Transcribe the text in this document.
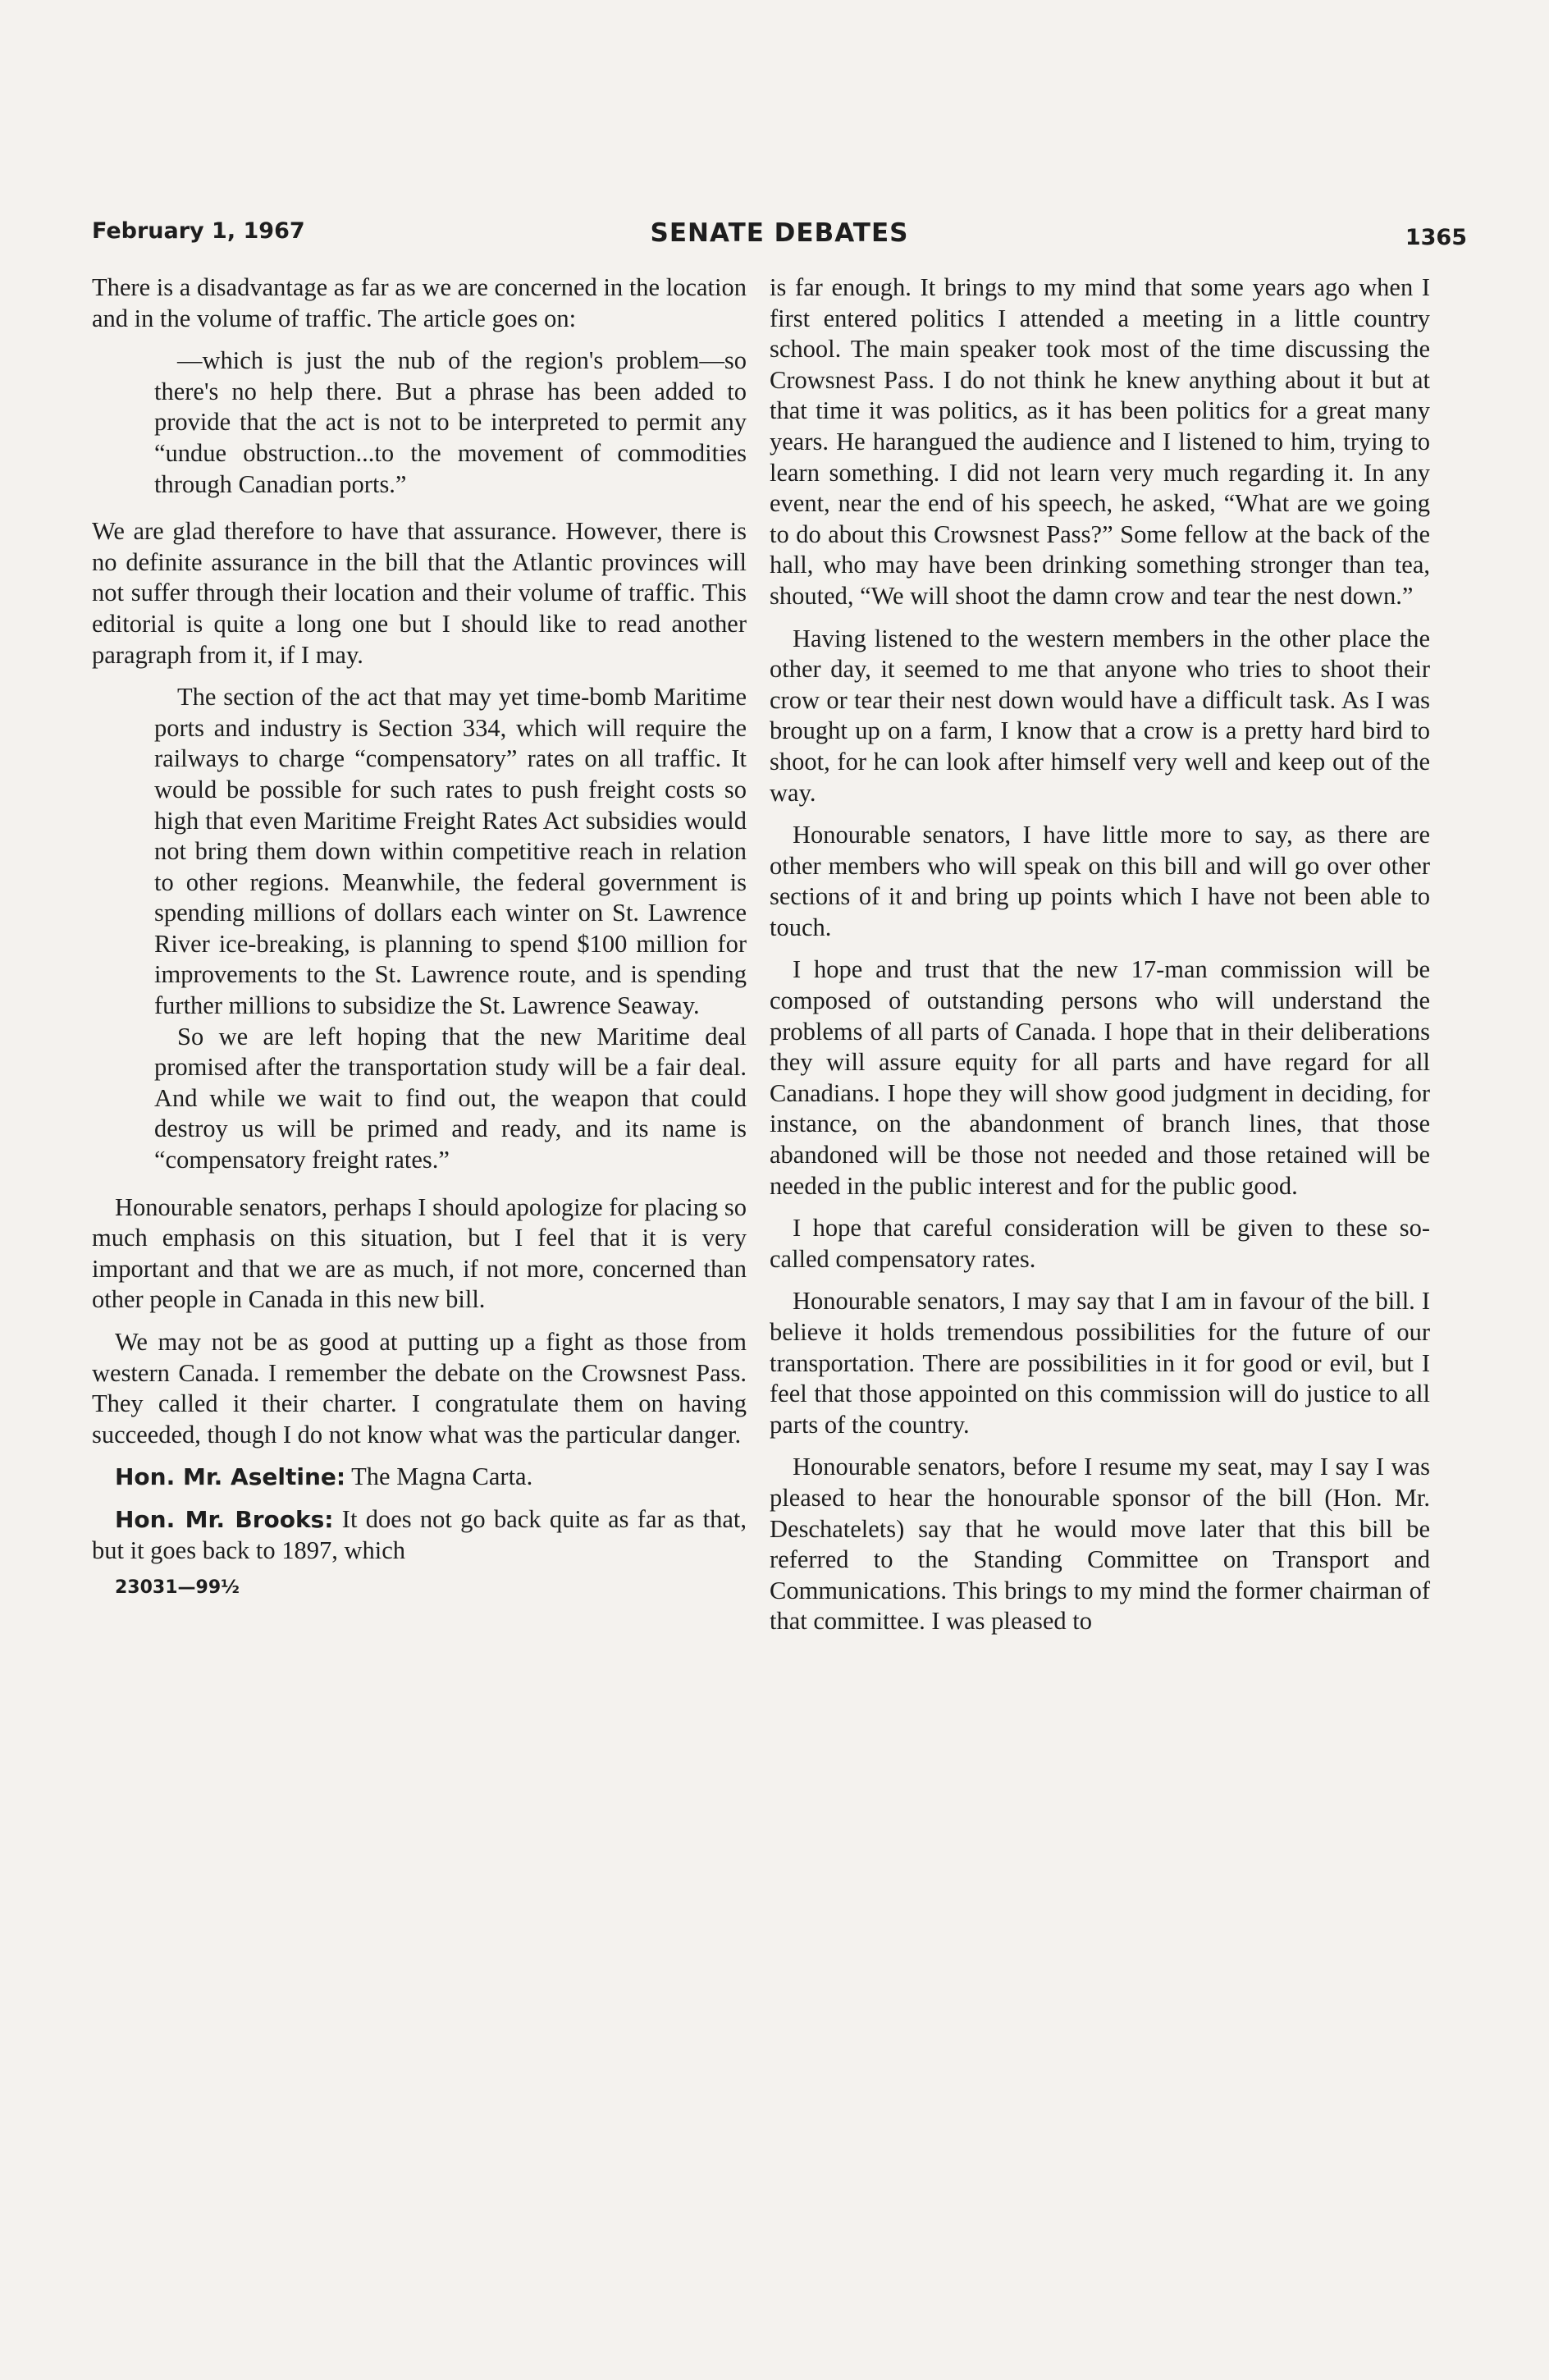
February 1, 1967	SENATE DEBATES	1365

There is a disadvantage as far as we are concerned in the location and in the volume of traffic. The article goes on:

—which is just the nub of the region's problem—so there's no help there. But a phrase has been added to provide that the act is not to be interpreted to permit any “undue obstruction...to the movement of commodities through Canadian ports.”

We are glad therefore to have that assurance. However, there is no definite assurance in the bill that the Atlantic provinces will not suffer through their location and their volume of traffic. This editorial is quite a long one but I should like to read another paragraph from it, if I may.

The section of the act that may yet time-bomb Maritime ports and industry is Section 334, which will require the railways to charge “compensatory” rates on all traffic. It would be possible for such rates to push freight costs so high that even Maritime Freight Rates Act subsidies would not bring them down within competitive reach in relation to other regions. Meanwhile, the federal government is spending millions of dollars each winter on St. Lawrence River ice-breaking, is planning to spend $100 million for improvements to the St. Lawrence route, and is spending further millions to subsidize the St. Lawrence Seaway.

So we are left hoping that the new Maritime deal promised after the transportation study will be a fair deal. And while we wait to find out, the weapon that could destroy us will be primed and ready, and its name is “compensatory freight rates.”

Honourable senators, perhaps I should apologize for placing so much emphasis on this situation, but I feel that it is very important and that we are as much, if not more, concerned than other people in Canada in this new bill.

We may not be as good at putting up a fight as those from western Canada. I remember the debate on the Crowsnest Pass. They called it their charter. I congratulate them on having succeeded, though I do not know what was the particular danger.

Hon. Mr. Aseltine: The Magna Carta.

Hon. Mr. Brooks: It does not go back quite as far as that, but it goes back to 1897, which

23031—99½

is far enough. It brings to my mind that some years ago when I first entered politics I attended a meeting in a little country school. The main speaker took most of the time discussing the Crowsnest Pass. I do not think he knew anything about it but at that time it was politics, as it has been politics for a great many years. He harangued the audience and I listened to him, trying to learn something. I did not learn very much regarding it. In any event, near the end of his speech, he asked, “What are we going to do about this Crowsnest Pass?” Some fellow at the back of the hall, who may have been drinking something stronger than tea, shouted, “We will shoot the damn crow and tear the nest down.”

Having listened to the western members in the other place the other day, it seemed to me that anyone who tries to shoot their crow or tear their nest down would have a difficult task. As I was brought up on a farm, I know that a crow is a pretty hard bird to shoot, for he can look after himself very well and keep out of the way.

Honourable senators, I have little more to say, as there are other members who will speak on this bill and will go over other sections of it and bring up points which I have not been able to touch.

I hope and trust that the new 17-man commission will be composed of outstanding persons who will understand the problems of all parts of Canada. I hope that in their deliberations they will assure equity for all parts and have regard for all Canadians. I hope they will show good judgment in deciding, for instance, on the abandonment of branch lines, that those abandoned will be those not needed and those retained will be needed in the public interest and for the public good.

I hope that careful consideration will be given to these so-called compensatory rates.

Honourable senators, I may say that I am in favour of the bill. I believe it holds tremendous possibilities for the future of our transportation. There are possibilities in it for good or evil, but I feel that those appointed on this commission will do justice to all parts of the country.

Honourable senators, before I resume my seat, may I say I was pleased to hear the honourable sponsor of the bill (Hon. Mr. Deschatelets) say that he would move later that this bill be referred to the Standing Committee on Transport and Communications. This brings to my mind the former chairman of that committee. I was pleased to
